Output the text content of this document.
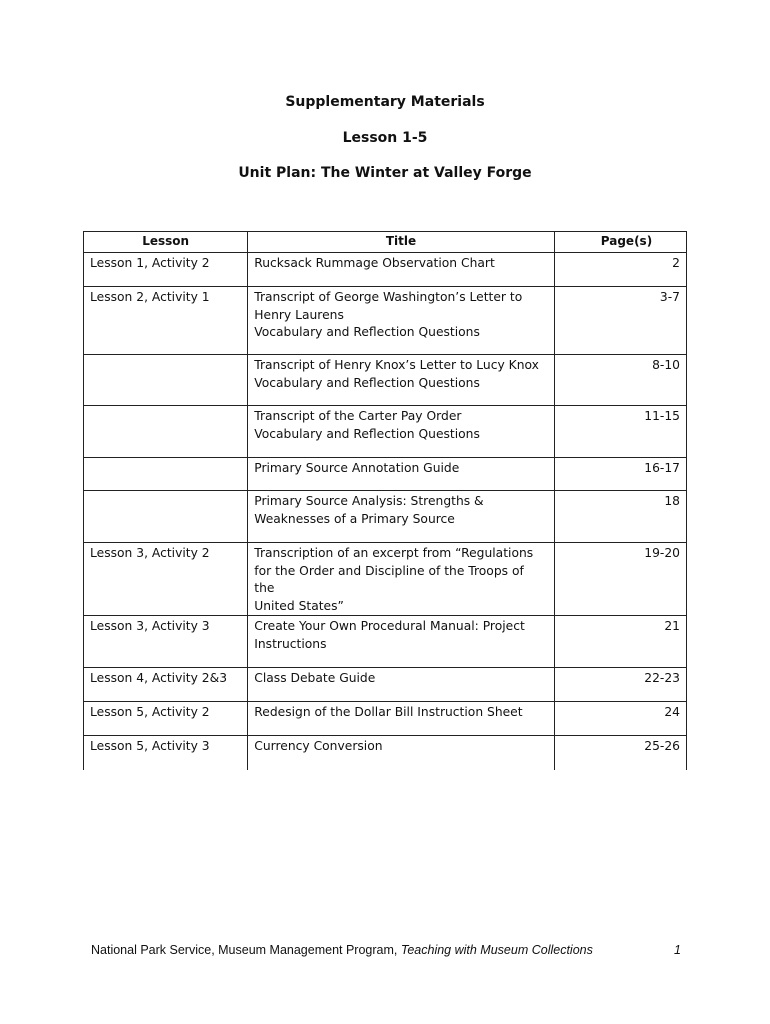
Supplementary Materials
Lesson 1-5
Unit Plan: The Winter at Valley Forge
Lesson	Title	Page(s)
Lesson 1, Activity 2	Rucksack Rummage Observation Chart	2
Lesson 2, Activity 1	Transcript of George Washington’s Letter to
Henry Laurens
Vocabulary and Reflection Questions	3-7
	Transcript of Henry Knox’s Letter to Lucy Knox
Vocabulary and Reflection Questions	8-10
	Transcript of the Carter Pay Order
Vocabulary and Reflection Questions	11-15
	Primary Source Annotation Guide	16-17
	Primary Source Analysis: Strengths &
Weaknesses of a Primary Source	18
Lesson 3, Activity 2	Transcription of an excerpt from “Regulations
for the Order and Discipline of the Troops of the
United States”	19-20
Lesson 3, Activity 3	Create Your Own Procedural Manual: Project
Instructions	21
Lesson 4, Activity 2&3	Class Debate Guide	22-23
Lesson 5, Activity 2	Redesign of the Dollar Bill Instruction Sheet	24
Lesson 5, Activity 3	Currency Conversion	25-26
National Park Service, Museum Management Program, Teaching with Museum Collections	1
